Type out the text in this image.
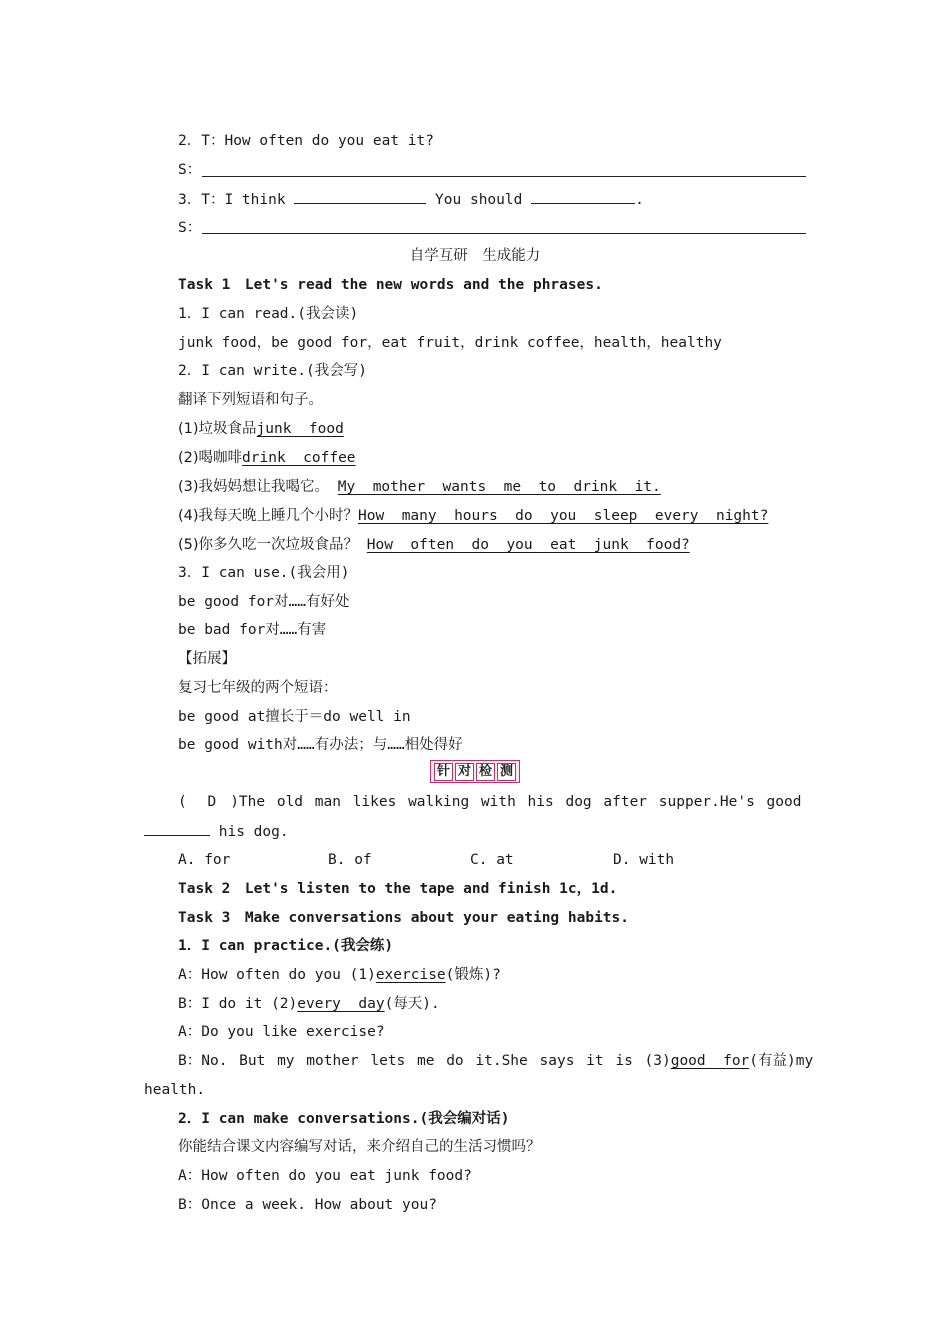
2．T：How often do you eat it?
S：
3．T：I think	You should	.
S：
自学互研　生成能力
Task 1　Let's read the new words and the phrases.
1．I can read.(我会读)
junk food，be good for，eat fruit，drink coffee，health，healthy
2．I can write.(我会写)
翻译下列短语和句子。
(1)垃圾食品junk  food
(2)喝咖啡drink  coffee
(3)我妈妈想让我喝它。 My  mother  wants  me  to  drink  it.
(4)我每天晚上睡几个小时？How  many  hours  do  you  sleep  every  night?
(5)你多久吃一次垃圾食品？ How  often  do  you  eat  junk  food?
3．I can use.(我会用)
be good for对……有好处
be bad for对……有害
【拓展】
复习七年级的两个短语：
be good at擅长于＝do well in
be good with对……有办法；与……相处得好
针 对 检 测
( D )The old man likes walking with his dog after supper.He's good
his dog.
A. for	B. of	C. at	D. with
Task 2　Let's listen to the tape and finish 1c，1d.
Task 3　Make conversations about your eating habits.
1．I can practice.(我会练)
A：How often do you (1)exercise(锻炼)?
B：I do it (2)every  day(每天).
A：Do you like exercise?
B：No. But my mother lets me do it.She says it is (3)good  for(有益)my
health.
2．I can make conversations.(我会编对话)
你能结合课文内容编写对话，来介绍自己的生活习惯吗？
A：How often do you eat junk food?
B：Once a week. How about you?
